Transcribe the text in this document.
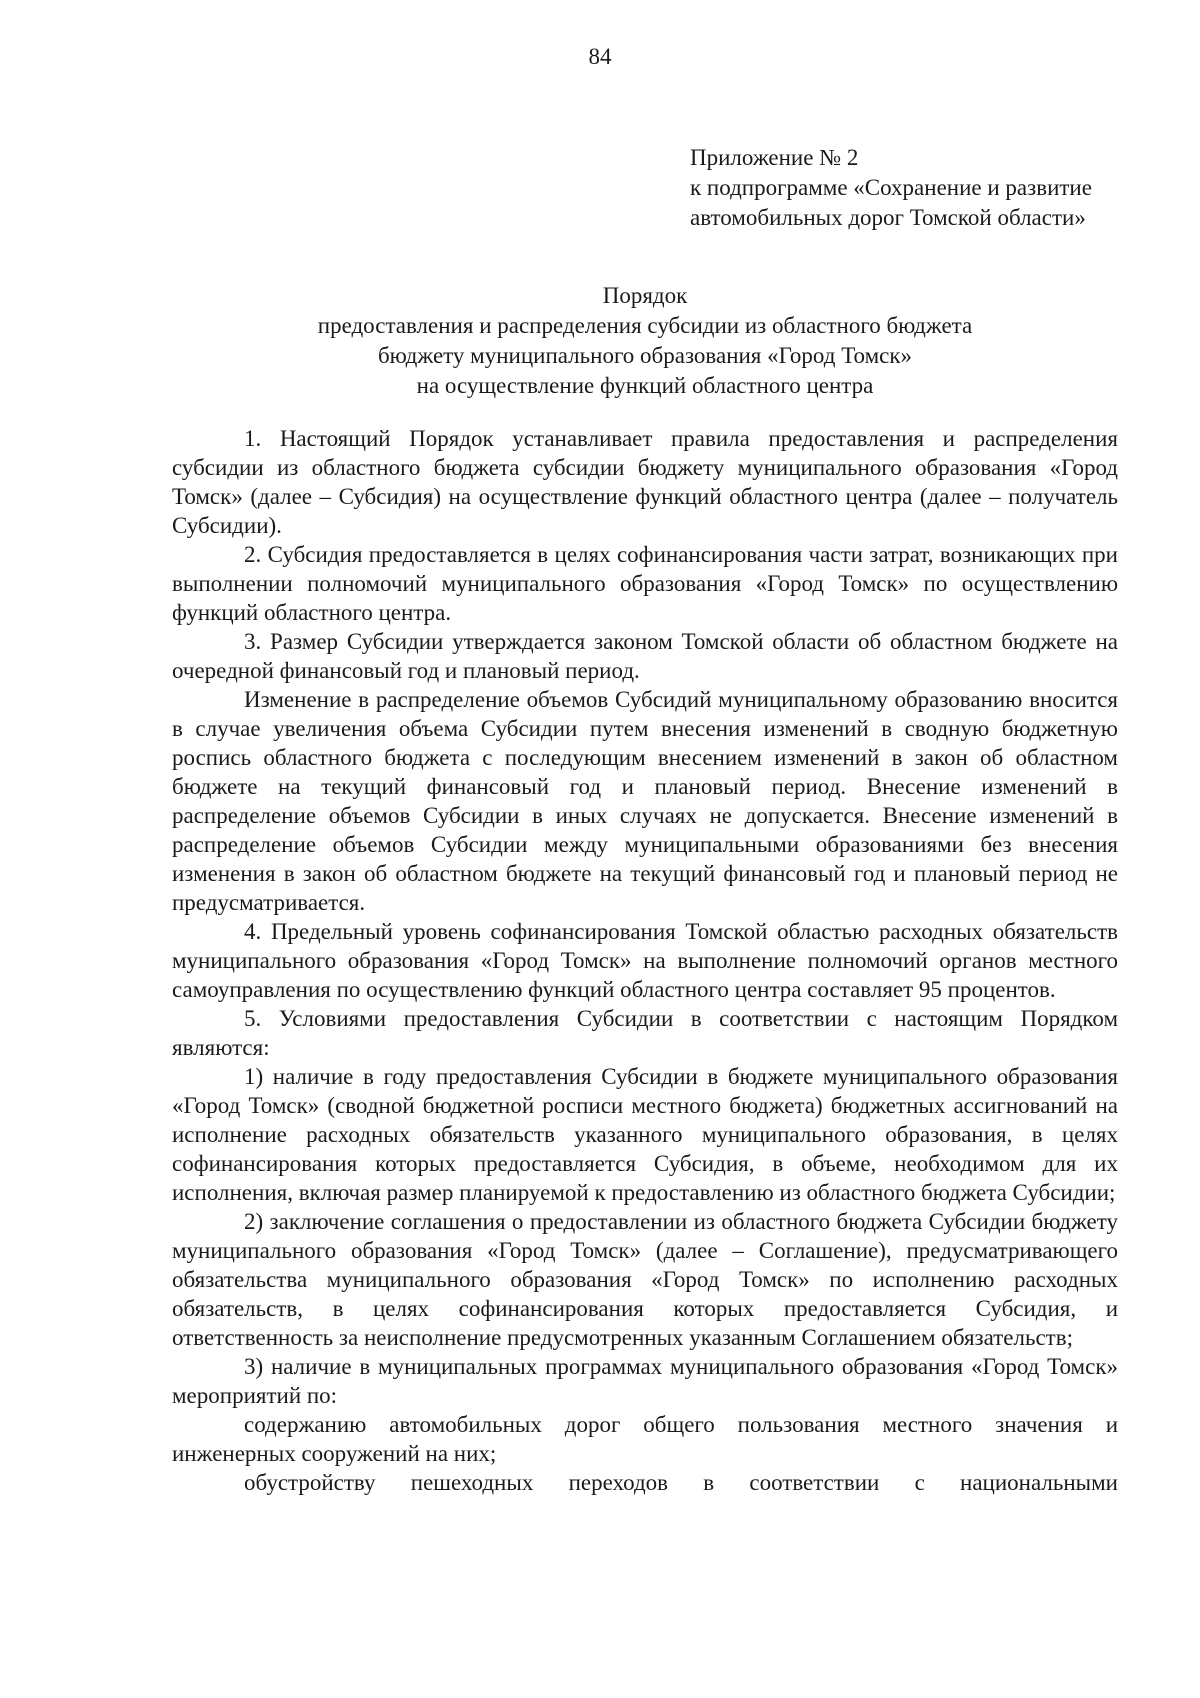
84
Приложение № 2
к подпрограмме «Сохранение и развитие
автомобильных дорог Томской области»
Порядок
предоставления и распределения субсидии из областного бюджета
бюджету муниципального образования «Город Томск»
на осуществление функций областного центра

1. Настоящий Порядок устанавливает правила предоставления и распределения субсидии из областного бюджета субсидии бюджету муниципального образования «Город Томск» (далее – Субсидия) на осуществление функций областного центра (далее – получатель Субсидии).

2. Субсидия предоставляется в целях софинансирования части затрат, возникающих при выполнении полномочий муниципального образования «Город Томск» по осуществлению функций областного центра.

3. Размер Субсидии утверждается законом Томской области об областном бюджете на очередной финансовый год и плановый период.

Изменение в распределение объемов Субсидий муниципальному образованию вносится в случае увеличения объема Субсидии путем внесения изменений в сводную бюджетную роспись областного бюджета с последующим внесением изменений в закон об областном бюджете на текущий финансовый год и плановый период. Внесение изменений в распределение объемов Субсидии в иных случаях не допускается. Внесение изменений в распределение объемов Субсидии между муниципальными образованиями без внесения изменения в закон об областном бюджете на текущий финансовый год и плановый период не предусматривается.

4. Предельный уровень софинансирования Томской областью расходных обязательств муниципального образования «Город Томск» на выполнение полномочий органов местного самоуправления по осуществлению функций областного центра составляет 95 процентов.

5. Условиями предоставления Субсидии в соответствии с настоящим Порядком являются:

1) наличие в году предоставления Субсидии в бюджете муниципального образования «Город Томск» (сводной бюджетной росписи местного бюджета) бюджетных ассигнований на исполнение расходных обязательств указанного муниципального образования, в целях софинансирования которых предоставляется Субсидия, в объеме, необходимом для их исполнения, включая размер планируемой к предоставлению из областного бюджета Субсидии;

2) заключение соглашения о предоставлении из областного бюджета Субсидии бюджету муниципального образования «Город Томск» (далее – Соглашение), предусматривающего обязательства муниципального образования «Город Томск» по исполнению расходных обязательств, в целях софинансирования которых предоставляется Субсидия, и ответственность за неисполнение предусмотренных указанным Соглашением обязательств;

3) наличие в муниципальных программах муниципального образования «Город Томск» мероприятий по:

содержанию автомобильных дорог общего пользования местного значения и инженерных сооружений на них;

обустройству пешеходных переходов в соответствии с национальными
